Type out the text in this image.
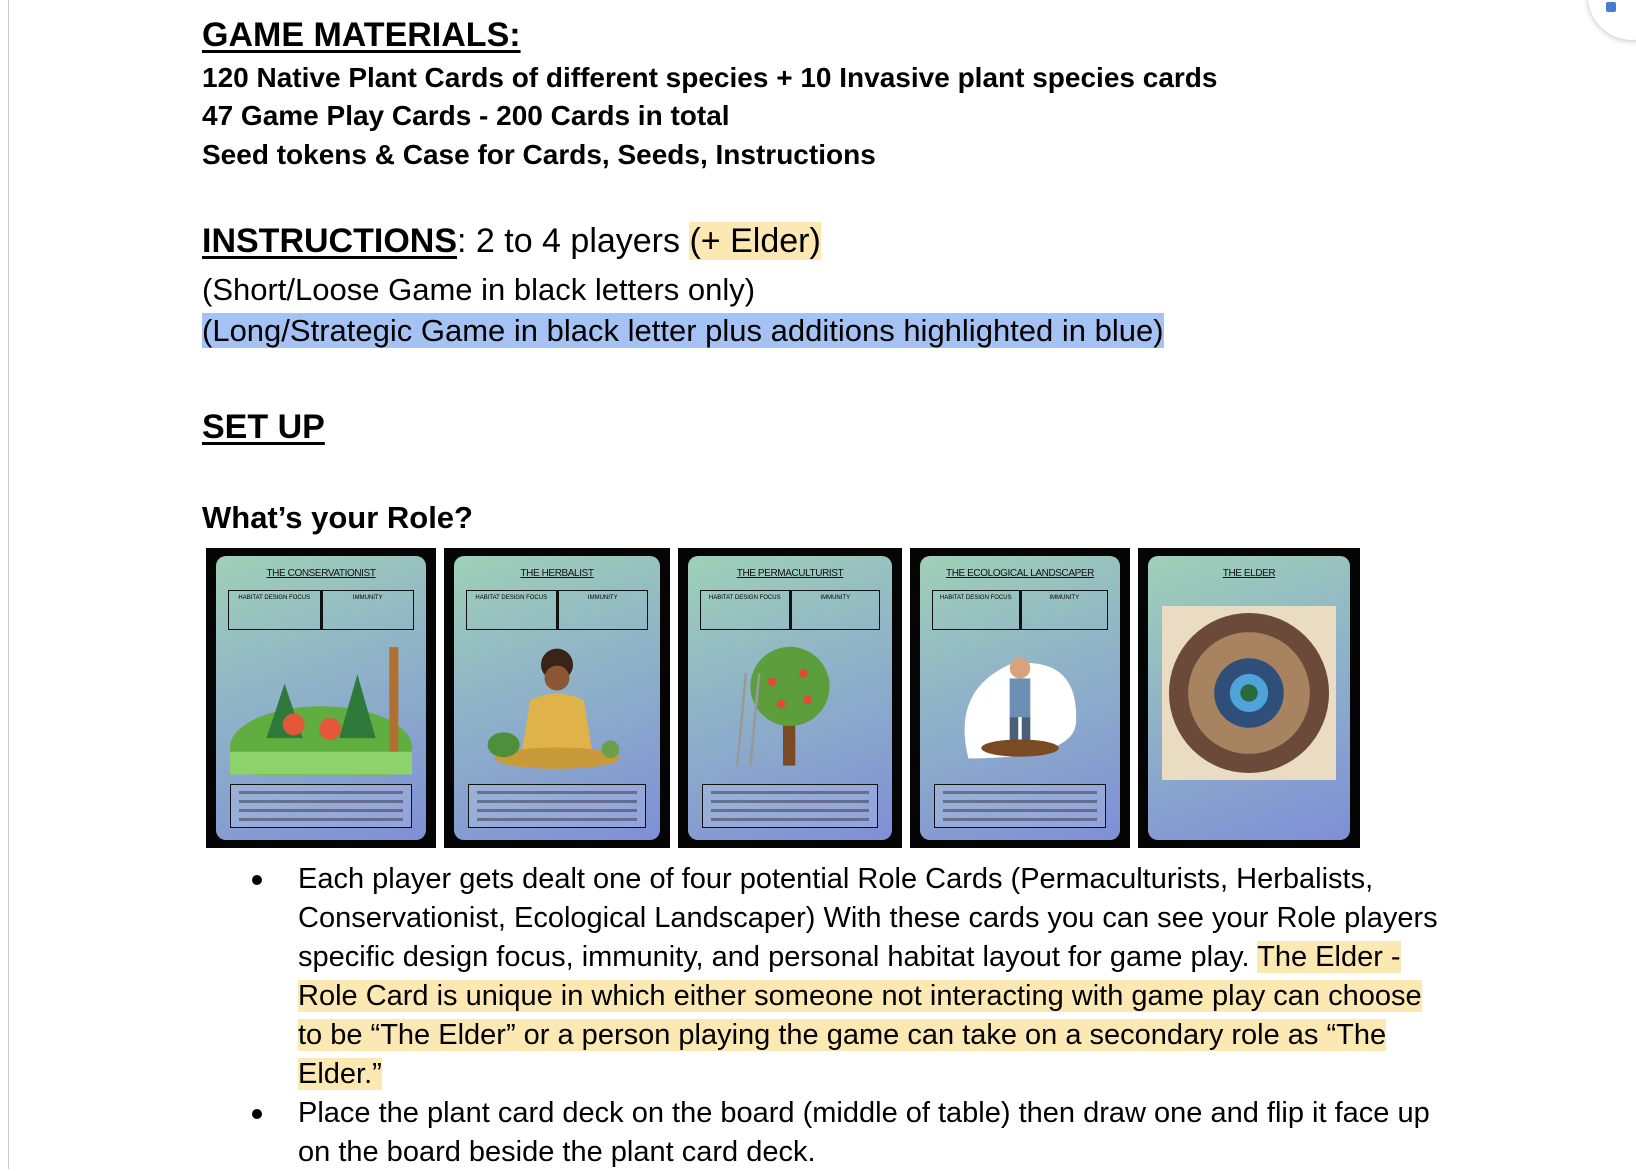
GAME MATERIALS:
120 Native Plant Cards of different species + 10 Invasive plant species cards
47 Game Play Cards - 200 Cards in total
Seed tokens & Case for Cards, Seeds, Instructions
INSTRUCTIONS: 2 to 4 players (+ Elder)
(Short/Loose Game in black letters only)
(Long/Strategic Game in black letter plus additions highlighted in blue)
SET UP
What’s your Role?
THE CONSERVATIONIST
HABITAT DESIGN FOCUS	IMMUNITY
THE HERBALIST
HABITAT DESIGN FOCUS	IMMUNITY
THE PERMACULTURIST
HABITAT DESIGN FOCUS	IMMUNITY
THE ECOLOGICAL LANDSCAPER
HABITAT DESIGN FOCUS	IMMUNITY
THE ELDER
Each player gets dealt one of four potential Role Cards (Permaculturists, Herbalists, Conservationist, Ecological Landscaper) With these cards you can see your Role players specific design focus, immunity, and personal habitat layout for game play. The Elder - Role Card is unique in which either someone not interacting with game play can choose to be “The Elder” or a person playing the game can take on a secondary role as “The Elder.”
Place the plant card deck on the board (middle of table) then draw one and flip it face up on the board beside the plant card deck.
